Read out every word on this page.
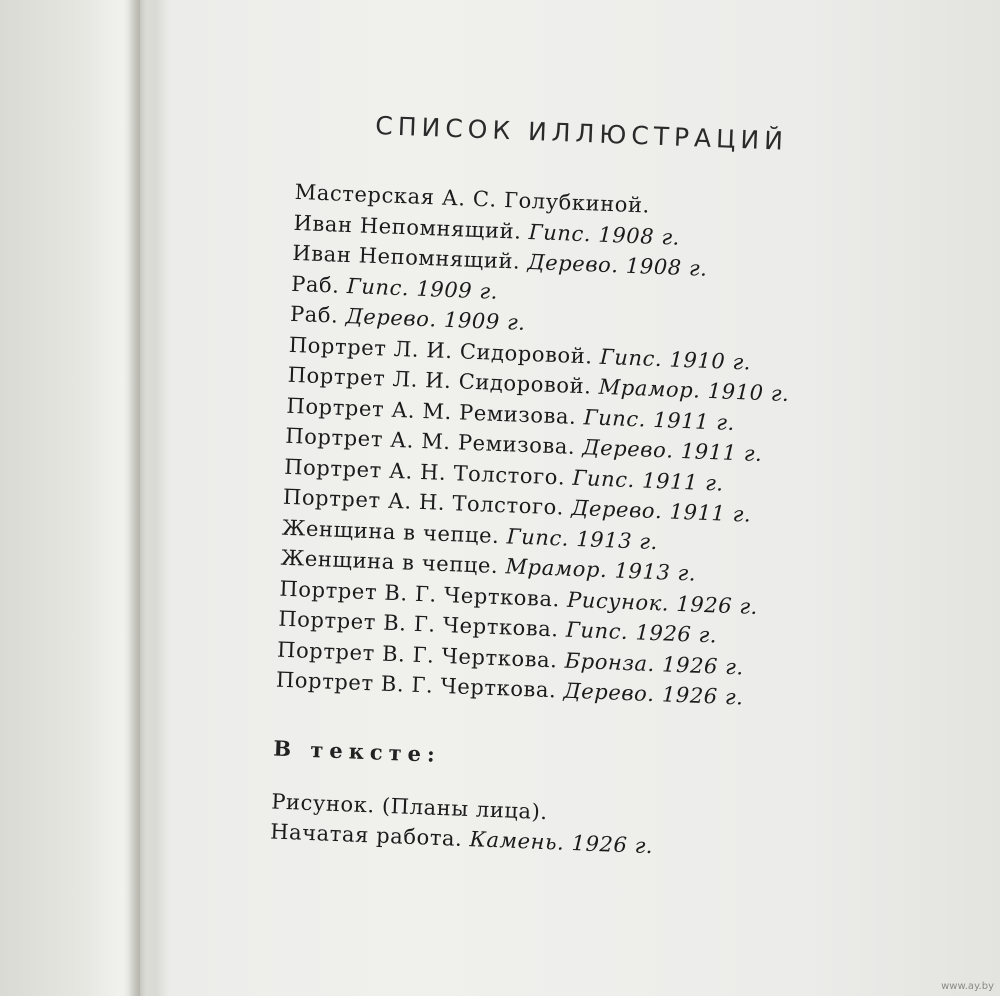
СПИСОК ИЛЛЮСТРАЦИЙ
Мастерская А. С. Голубкиной.
Иван Непомнящий. Гипс. 1908 г.
Иван Непомнящий. Дерево. 1908 г.
Раб. Гипс. 1909 г.
Раб. Дерево. 1909 г.
Портрет Л. И. Сидоровой. Гипс. 1910 г.
Портрет Л. И. Сидоровой. Мрамор. 1910 г.
Портрет А. М. Ремизова. Гипс. 1911 г.
Портрет А. М. Ремизова. Дерево. 1911 г.
Портрет А. Н. Толстого. Гипс. 1911 г.
Портрет А. Н. Толстого. Дерево. 1911 г.
Женщина в чепце. Гипс. 1913 г.
Женщина в чепце. Мрамор. 1913 г.
Портрет В. Г. Черткова. Рисунок. 1926 г.
Портрет В. Г. Черткова. Гипс. 1926 г.
Портрет В. Г. Черткова. Бронза. 1926 г.
Портрет В. Г. Черткова. Дерево. 1926 г.
В тексте:
Рисунок. (Планы лица).
Начатая работа. Камень. 1926 г.
www.ay.by
